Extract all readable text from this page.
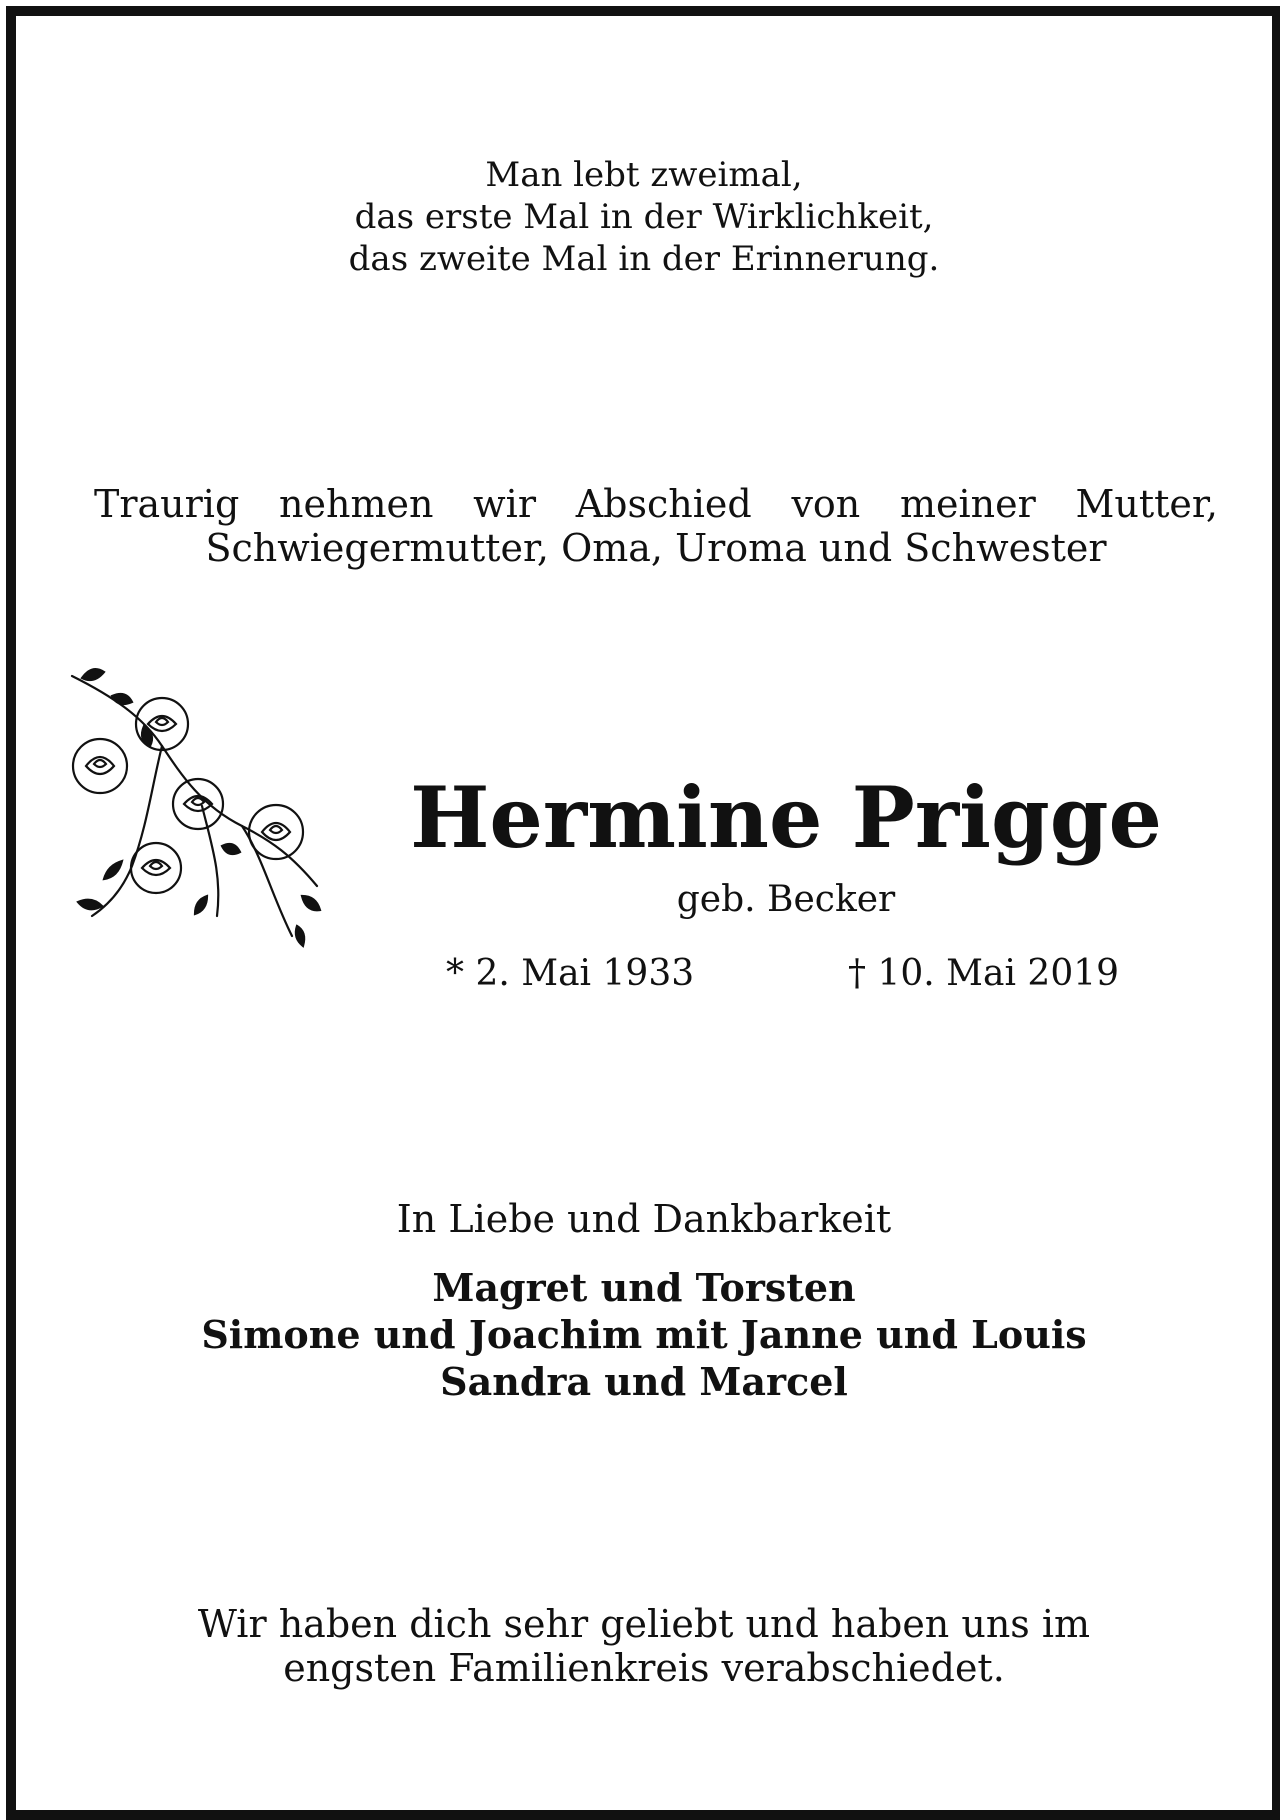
Man lebt zweimal,
das erste Mal in der Wirklichkeit,
das zweite Mal in der Erinnerung.
Traurig nehmen wir Abschied von meiner Mutter,
Schwiegermutter, Oma, Uroma und Schwester
Hermine Prigge
geb. Becker
* 2. Mai 1933	† 10. Mai 2019
In Liebe und Dankbarkeit
Magret und Torsten
Simone und Joachim mit Janne und Louis
Sandra und Marcel
Wir haben dich sehr geliebt und haben uns im
engsten Familienkreis verabschiedet.
